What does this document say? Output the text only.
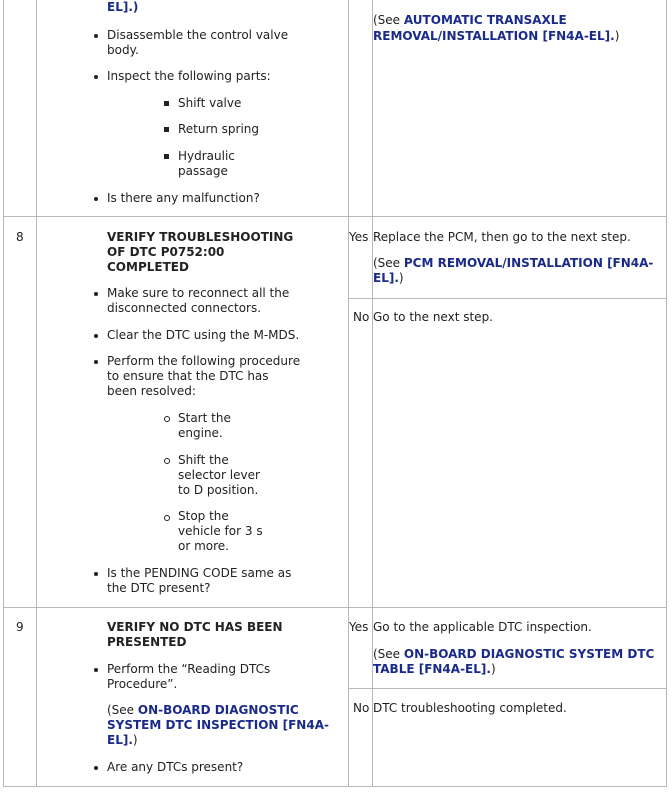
EL].)
Disassemble the control valve
body.
Inspect the following parts:
Shift valve
Return spring
Hydraulic
passage
Is there any malfunction?
(See AUTOMATIC TRANSAXLE
REMOVAL/INSTALLATION [FN4A-EL].)
8	VERIFY TROUBLESHOOTING
OF DTC P0752:00
COMPLETED
Make sure to reconnect all the
disconnected connectors.
Clear the DTC using the M-MDS.
Perform the following procedure
to ensure that the DTC has
been resolved:
Start the
engine.
Shift the
selector lever
to D position.
Stop the
vehicle for 3 s
or more.
Is the PENDING CODE same as
the DTC present?
Yes Replace the PCM, then go to the next step.
(See PCM REMOVAL/INSTALLATION [FN4A-
EL].)
No Go to the next step.
9	VERIFY NO DTC HAS BEEN
PRESENTED
Perform the “Reading DTCs
Procedure”.
(See ON-BOARD DIAGNOSTIC
SYSTEM DTC INSPECTION [FN4A-
EL].)
Are any DTCs present?
Yes Go to the applicable DTC inspection.
(See ON-BOARD DIAGNOSTIC SYSTEM DTC
TABLE [FN4A-EL].)
No DTC troubleshooting completed.
